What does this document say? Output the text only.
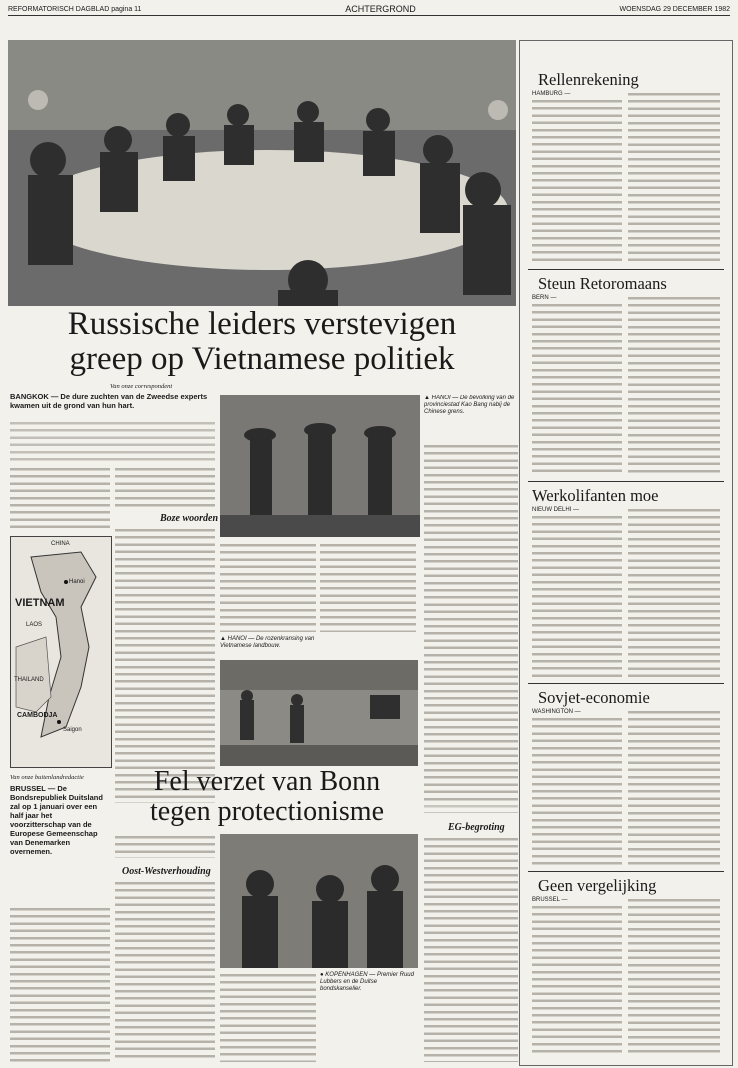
REFORMATORISCH DAGBLAD pagina 11	ACHTERGROND	WOENSDAG 29 DECEMBER 1982
Russische leiders verstevigen
greep op Vietnamese politiek
Van onze correspondent
BANGKOK — De dure zuchten van de Zweedse experts kwamen uit de grond van hun hart.
Boze woorden
VIETNAM
CHINA
LAOS
Hanoi
THAILAND
CAMBODJA
Saigon
▲ HANOI — De bevolking van de provinciestad Kao Bang nabij de Chinese grens.
▲ HANOI — De rozenkransing van Vietnamese landbouw.
Van onze buitenlandredactie
BRUSSEL — De Bondsrepubliek Duitsland zal op 1 januari over een half jaar het voorzitterschap van de Europese Gemeenschap van Denemarken overnemen.
Fel verzet van Bonn
tegen protectionisme
EG-begroting
Oost-Westverhouding
● KOPENHAGEN — Premier Ruud Lubbers en de Duitse bondskanselier.
Rellenrekening
HAMBURG —
Steun Retoromaans
BERN —
Werkolifanten moe
NIEUW DELHI —
Sovjet-economie
WASHINGTON —
Geen vergelijking
BRUSSEL —
